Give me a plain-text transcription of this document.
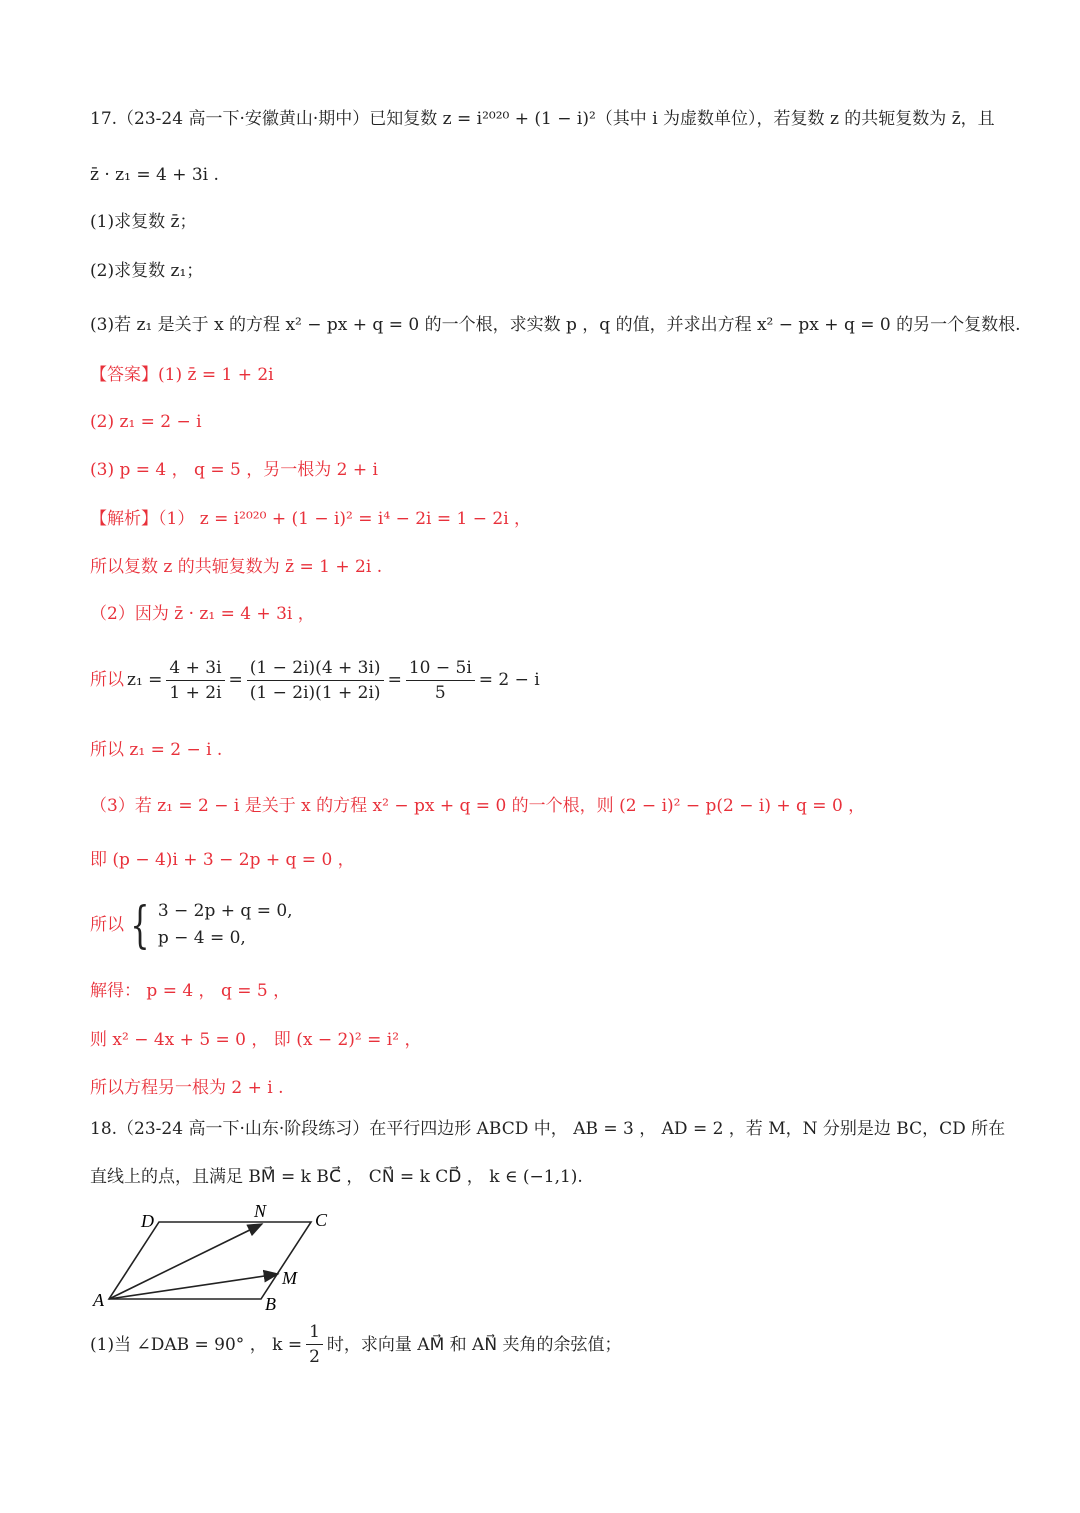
17.（23-24 高一下·安徽黄山·期中）已知复数 z = i²⁰²⁰ + (1 − i)²（其中 i 为虚数单位），若复数 z 的共轭复数为 z̄，且
z̄ · z₁ = 4 + 3i .
(1)求复数 z̄；
(2)求复数 z₁；
(3)若 z₁ 是关于 x 的方程 x² − px + q = 0 的一个根，求实数 p ，q 的值，并求出方程 x² − px + q = 0 的另一个复数根.
【答案】(1) z̄ = 1 + 2i
(2) z₁ = 2 − i
(3) p = 4 ， q = 5 ，另一根为 2 + i
【解析】（1） z = i²⁰²⁰ + (1 − i)² = i⁴ − 2i = 1 − 2i ，
所以复数 z 的共轭复数为 z̄ = 1 + 2i .
（2）因为 z̄ · z₁ = 4 + 3i ，
所以 $z_1 = \frac{4 + 3i}{1 + 2i} = \frac{(1 - 2i)(4 + 3i)}{(1 - 2i)(1 + 2i)} = \frac{10 - 5i}{5} = 2 - i$
所以 z₁ = 2 − i .
（3）若 z₁ = 2 − i 是关于 x 的方程 x² − px + q = 0 的一个根，则 (2 − i)² − p(2 − i) + q = 0 ，
即 (p − 4)i + 3 − 2p + q = 0 ，
所以 { 3 − 2p + q = 0,
p − 4 = 0,
解得： p = 4 ， q = 5 ，
则 x² − 4x + 5 = 0 ， 即 (x − 2)² = i² ，
所以方程另一根为 2 + i .
18.（23-24 高一下·山东·阶段练习）在平行四边形 ABCD 中， AB = 3 ， AD = 2 ，若 M，N 分别是边 BC，CD 所在
直线上的点，且满足 BM⃗ = k BC⃗ ， CN⃗ = k CD⃗ ， k ∈ (−1,1).
A	B
C
D
M
N
(1)当 ∠DAB = 90° ， $k = \frac{1}{2}$ 时，求向量 AM⃗ 和 AN⃗ 夹角的余弦值；
